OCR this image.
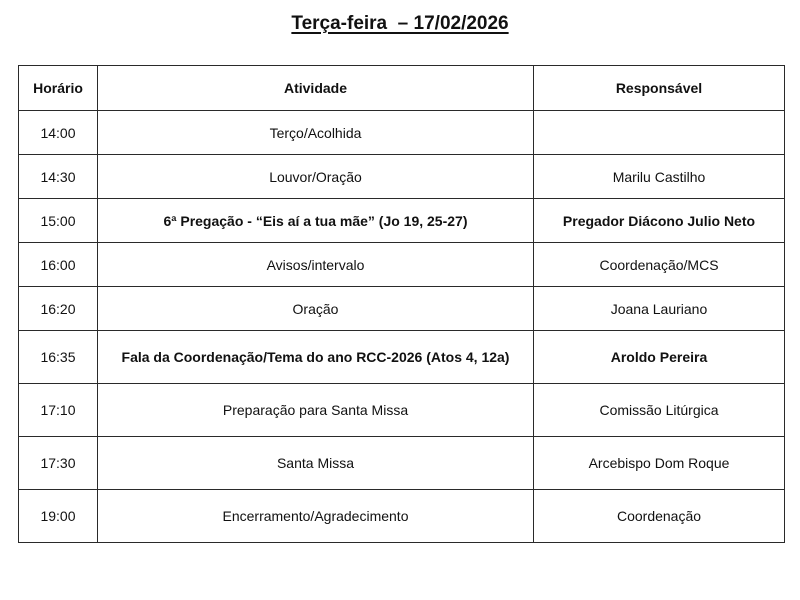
Terça-feira  – 17/02/2026
Horário	Atividade	Responsável
14:00	Terço/Acolhida	
14:30	Louvor/Oração	Marilu Castilho
15:00	6ª Pregação - “Eis aí a tua mãe” (Jo 19, 25-27)	Pregador Diácono Julio Neto
16:00	Avisos/intervalo	Coordenação/MCS
16:20	Oração	Joana Lauriano
16:35	Fala da Coordenação/Tema do ano RCC-2026 (Atos 4, 12a)	Aroldo Pereira
17:10	Preparação para Santa Missa	Comissão Litúrgica
17:30	Santa Missa	Arcebispo Dom Roque
19:00	Encerramento/Agradecimento	Coordenação
